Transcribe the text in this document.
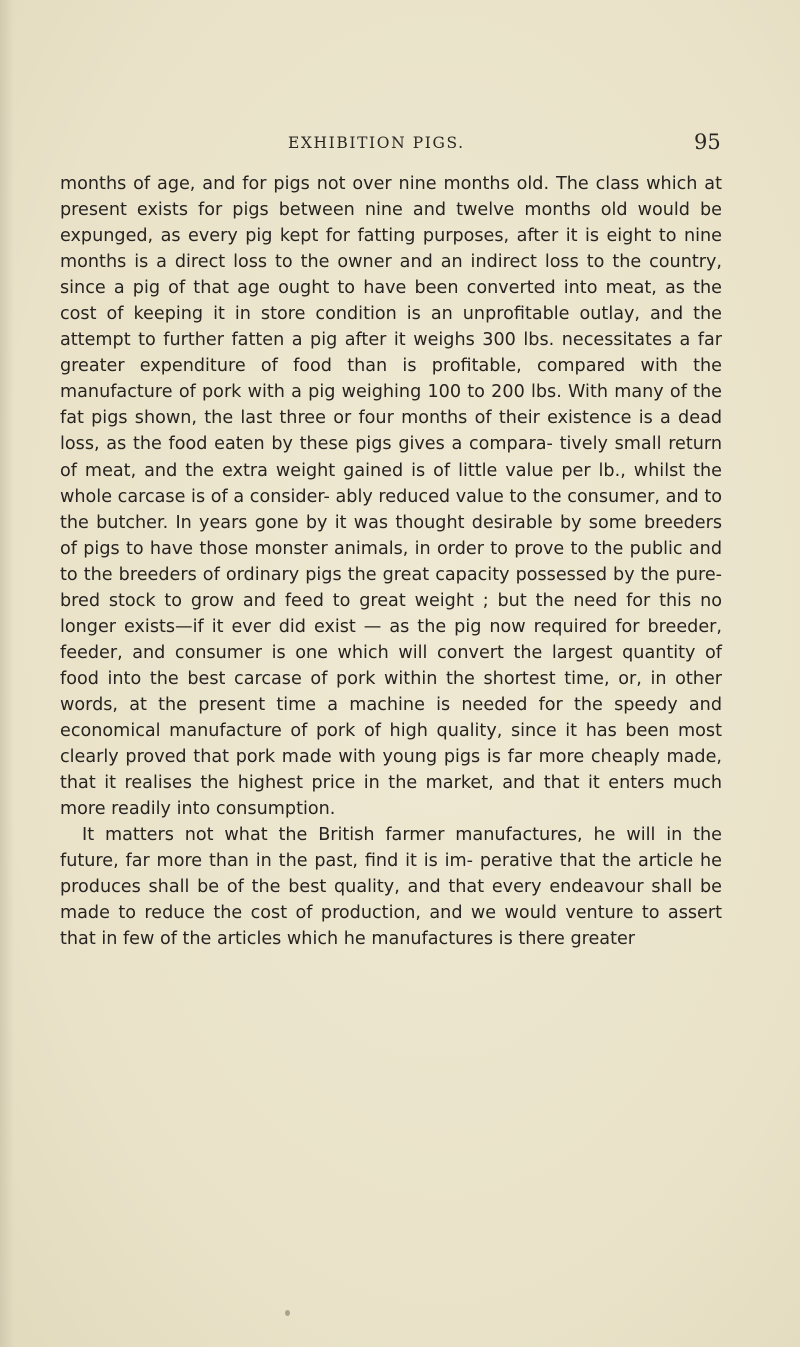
EXHIBITION PIGS.	95

months of age, and for pigs not over nine months old. The class which at present exists for pigs between nine and twelve months old would be expunged, as every pig kept for fatting purposes, after it is eight to nine months is a direct loss to the owner and an indirect loss to the country, since a pig of that age ought to have been converted into meat, as the cost of keeping it in store condition is an unprofitable outlay, and the attempt to further fatten a pig after it weighs 300 lbs. necessitates a far greater expenditure of food than is profitable, compared with the manufacture of pork with a pig weighing 100 to 200 lbs. With many of the fat pigs shown, the last three or four months of their existence is a dead loss, as the food eaten by these pigs gives a compara- tively small return of meat, and the extra weight gained is of little value per lb., whilst the whole carcase is of a consider- ably reduced value to the consumer, and to the butcher. In years gone by it was thought desirable by some breeders of pigs to have those monster animals, in order to prove to the public and to the breeders of ordinary pigs the great capacity possessed by the pure-bred stock to grow and feed to great weight ; but the need for this no longer exists—if it ever did exist — as the pig now required for breeder, feeder, and consumer is one which will convert the largest quantity of food into the best carcase of pork within the shortest time, or, in other words, at the present time a machine is needed for the speedy and economical manufacture of pork of high quality, since it has been most clearly proved that pork made with young pigs is far more cheaply made, that it realises the highest price in the market, and that it enters much more readily into consumption.

It matters not what the British farmer manufactures, he will in the future, far more than in the past, find it is im- perative that the article he produces shall be of the best quality, and that every endeavour shall be made to reduce the cost of production, and we would venture to assert that in few of the articles which he manufactures is there greater
